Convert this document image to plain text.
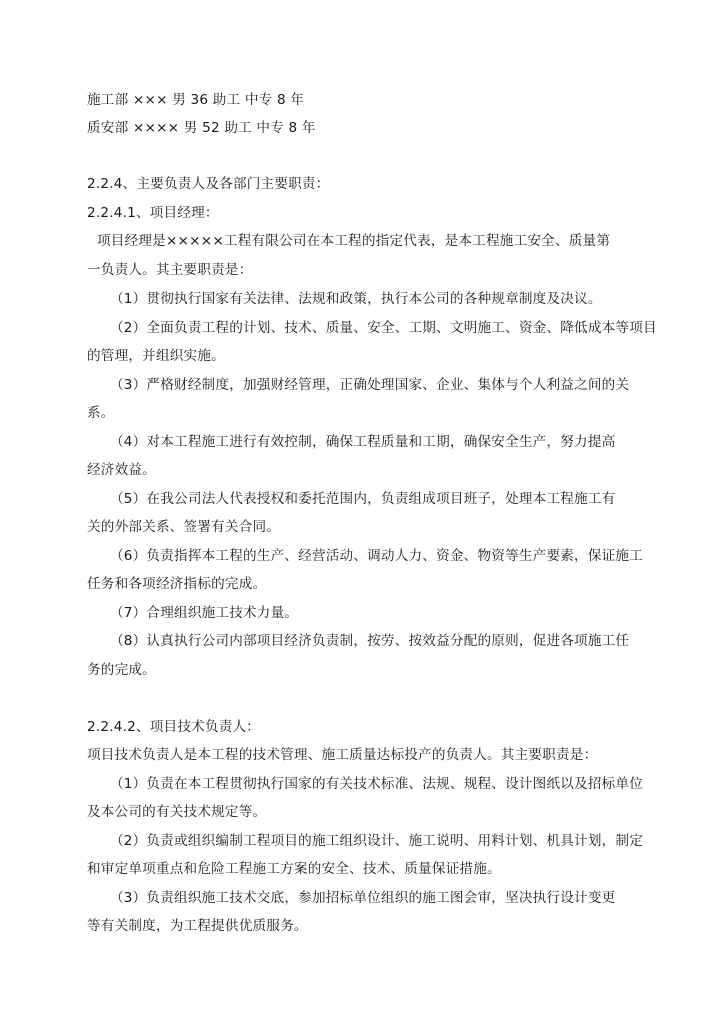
施工部 ××× 男 36 助工 中专 8 年
质安部 ×××× 男 52 助工 中专 8 年
2.2.4、主要负责人及各部门主要职责：
2.2.4.1、项目经理：
项目经理是×××××工程有限公司在本工程的指定代表，是本工程施工安全、质量第
一负责人。其主要职责是：
（1）贯彻执行国家有关法律、法规和政策，执行本公司的各种规章制度及决议。
（2）全面负责工程的计划、技术、质量、安全、工期、文明施工、资金、降低成本等项目
的管理，并组织实施。
（3）严格财经制度，加强财经管理，正确处理国家、企业、集体与个人利益之间的关
系。
（4）对本工程施工进行有效控制，确保工程质量和工期，确保安全生产，努力提高
经济效益。
（5）在我公司法人代表授权和委托范围内，负责组成项目班子，处理本工程施工有
关的外部关系、签署有关合同。
（6）负责指挥本工程的生产、经营活动、调动人力、资金、物资等生产要素，保证施工
任务和各项经济指标的完成。
（7）合理组织施工技术力量。
（8）认真执行公司内部项目经济负责制，按劳、按效益分配的原则，促进各项施工任
务的完成。
2.2.4.2、项目技术负责人：
项目技术负责人是本工程的技术管理、施工质量达标投产的负责人。其主要职责是：
（1）负责在本工程贯彻执行国家的有关技术标准、法规、规程、设计图纸以及招标单位
及本公司的有关技术规定等。
（2）负责或组织编制工程项目的施工组织设计、施工说明、用料计划、机具计划，制定
和审定单项重点和危险工程施工方案的安全、技术、质量保证措施。
（3）负责组织施工技术交底，参加招标单位组织的施工图会审，坚决执行设计变更
等有关制度，为工程提供优质服务。
